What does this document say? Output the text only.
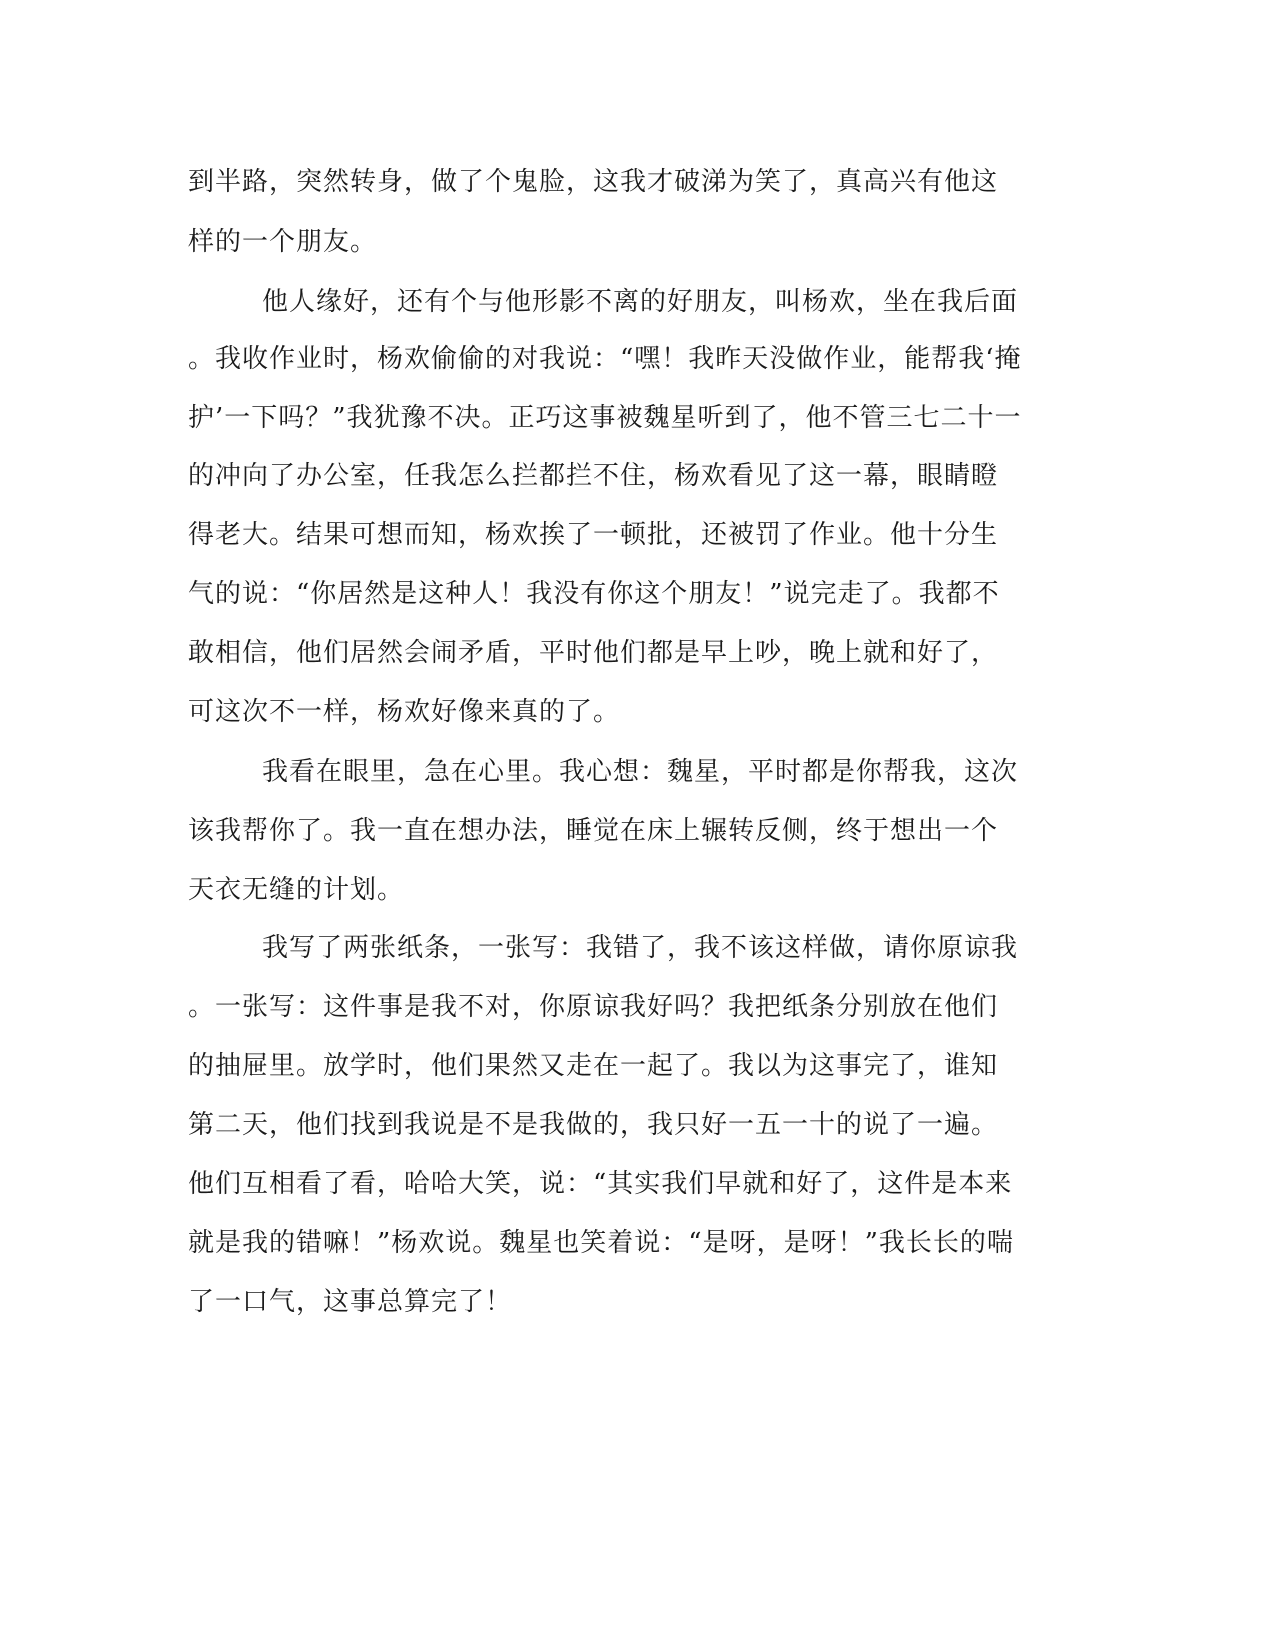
到半路，突然转身，做了个鬼脸，这我才破涕为笑了，真高兴有他这
样的一个朋友。
他人缘好，还有个与他形影不离的好朋友，叫杨欢，坐在我后面
。我收作业时，杨欢偷偷的对我说：“嘿！我昨天没做作业，能帮我‘掩
护’一下吗？”我犹豫不决。正巧这事被魏星听到了，他不管三七二十一
的冲向了办公室，任我怎么拦都拦不住，杨欢看见了这一幕，眼睛瞪
得老大。结果可想而知，杨欢挨了一顿批，还被罚了作业。他十分生
气的说：“你居然是这种人！我没有你这个朋友！”说完走了。我都不
敢相信，他们居然会闹矛盾，平时他们都是早上吵，晚上就和好了，
可这次不一样，杨欢好像来真的了。
我看在眼里，急在心里。我心想：魏星，平时都是你帮我，这次
该我帮你了。我一直在想办法，睡觉在床上辗转反侧，终于想出一个
天衣无缝的计划。
我写了两张纸条，一张写：我错了，我不该这样做，请你原谅我
。一张写：这件事是我不对，你原谅我好吗？我把纸条分别放在他们
的抽屉里。放学时，他们果然又走在一起了。我以为这事完了，谁知
第二天，他们找到我说是不是我做的，我只好一五一十的说了一遍。
他们互相看了看，哈哈大笑，说：“其实我们早就和好了，这件是本来
就是我的错嘛！”杨欢说。魏星也笑着说：“是呀，是呀！”我长长的喘
了一口气，这事总算完了！
